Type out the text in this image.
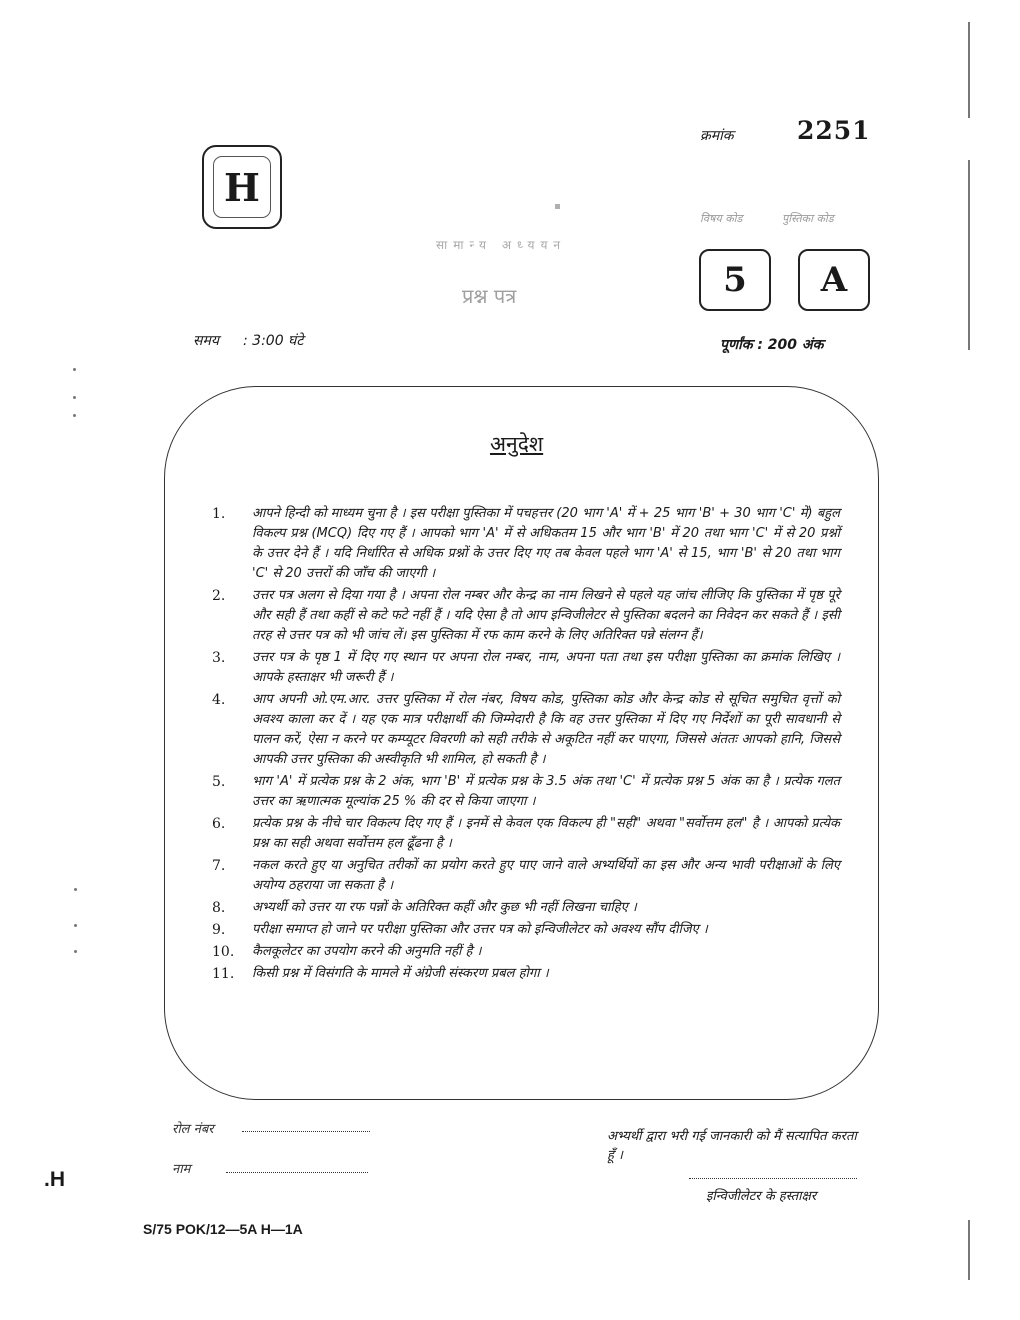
क्रमांक	2251
H
विषय कोड	पुस्तिका कोड
सामान्य अध्ययन
प्रश्न पत्र	5 A
समय : 3:00 घंटे	पूर्णांक : 200 अंक
अनुदेश
1.	आपने हिन्दी को माध्यम चुना है । इस परीक्षा पुस्तिका में पचहत्तर (20 भाग 'A' में + 25 भाग 'B' + 30 भाग 'C' में) बहुल विकल्प प्रश्न (MCQ) दिए गए हैं । आपको भाग 'A' में से अधिकतम 15 और भाग 'B' में 20 तथा भाग 'C' में से 20 प्रश्नों के उत्तर देने हैं । यदि निर्धारित से अधिक प्रश्नों के उत्तर दिए गए तब केवल पहले भाग 'A' से 15, भाग 'B' से 20 तथा भाग 'C' से 20 उत्तरों की जाँच की जाएगी ।
2.	उत्तर पत्र अलग से दिया गया है । अपना रोल नम्बर और केन्द्र का नाम लिखने से पहले यह जांच लीजिए कि पुस्तिका में पृष्ठ पूरे और सही हैं तथा कहीं से कटे फटे नहीं हैं । यदि ऐसा है तो आप इन्विजीलेटर से पुस्तिका बदलने का निवेदन कर सकते हैं । इसी तरह से उत्तर पत्र को भी जांच लें। इस पुस्तिका में रफ काम करने के लिए अतिरिक्त पन्ने संलग्न हैं।
3.	उत्तर पत्र के पृष्ठ 1 में दिए गए स्थान पर अपना रोल नम्बर, नाम, अपना पता तथा इस परीक्षा पुस्तिका का क्रमांक लिखिए । आपके हस्ताक्षर भी जरूरी हैं ।
4.	आप अपनी ओ.एम.आर. उत्तर पुस्तिका में रोल नंबर, विषय कोड, पुस्तिका कोड और केन्द्र कोड से सूचित समुचित वृत्तों को अवश्य काला कर दें । यह एक मात्र परीक्षार्थी की जिम्मेदारी है कि वह उत्तर पुस्तिका में दिए गए निर्देशों का पूरी सावधानी से पालन करें, ऐसा न करने पर कम्प्यूटर विवरणी को सही तरीके से अकूटित नहीं कर पाएगा, जिससे अंततः आपको हानि, जिससे आपकी उत्तर पुस्तिका की अस्वीकृति भी शामिल, हो सकती है ।
5.	भाग 'A' में प्रत्येक प्रश्न के 2 अंक, भाग 'B' में प्रत्येक प्रश्न के 3.5 अंक तथा 'C' में प्रत्येक प्रश्न 5 अंक का है । प्रत्येक गलत उत्तर का ऋणात्मक मूल्यांक 25 % की दर से किया जाएगा ।
6.	प्रत्येक प्रश्न के नीचे चार विकल्प दिए गए हैं । इनमें से केवल एक विकल्प ही "सही" अथवा "सर्वोत्तम हल" है । आपको प्रत्येक प्रश्न का सही अथवा सर्वोत्तम हल ढूँढना है ।
7.	नकल करते हुए या अनुचित तरीकों का प्रयोग करते हुए पाए जाने वाले अभ्यर्थियों का इस और अन्य भावी परीक्षाओं के लिए अयोग्य ठहराया जा सकता है ।
8.	अभ्यर्थी को उत्तर या रफ पन्नों के अतिरिक्त कहीं और कुछ भी नहीं लिखना चाहिए ।
9.	परीक्षा समाप्त हो जाने पर परीक्षा पुस्तिका और उत्तर पत्र को इन्विजीलेटर को अवश्य सौंप दीजिए ।
10.	कैलकूलेटर का उपयोग करने की अनुमति नहीं है ।
11.	किसी प्रश्न में विसंगति के मामले में अंग्रेजी संस्करण प्रबल होगा ।
रोल नंबर
नाम
अभ्यर्थी द्वारा भरी गई जानकारी को मैं सत्यापित करता हूँ ।
इन्विजीलेटर के हस्ताक्षर
.H
S/75 POK/12—5A H—1A
